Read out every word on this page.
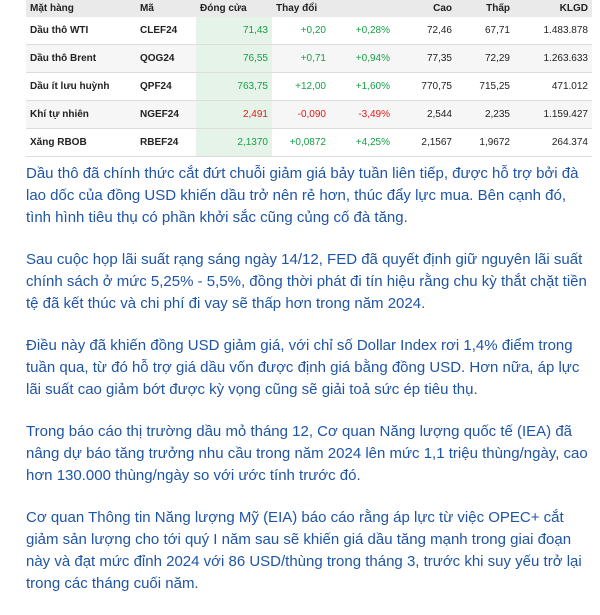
Mặt hàng	Mã	Đóng cửa	Thay đổi		Cao	Thấp	KLGD
Dầu thô WTI	CLEF24	71,43	+0,20	+0,28%	72,46	67,71	1.483.878
Dầu thô Brent	QOG24	76,55	+0,71	+0,94%	77,35	72,29	1.263.633
Dầu ít lưu huỳnh	QPF24	763,75	+12,00	+1,60%	770,75	715,25	471.012
Khí tự nhiên	NGEF24	2,491	-0,090	-3,49%	2,544	2,235	1.159.427
Xăng RBOB	RBEF24	2,1370	+0,0872	+4,25%	2,1567	1,9672	264.374

Dầu thô đã chính thức cắt đứt chuỗi giảm giá bảy tuần liên tiếp, được hỗ trợ bởi đà lao dốc của đồng USD khiến dầu trở nên rẻ hơn, thúc đẩy lực mua. Bên cạnh đó, tình hình tiêu thụ có phần khởi sắc cũng củng cố đà tăng.

Sau cuộc họp lãi suất rạng sáng ngày 14/12, FED đã quyết định giữ nguyên lãi suất chính sách ở mức 5,25% - 5,5%, đồng thời phát đi tín hiệu rằng chu kỳ thắt chặt tiền tệ đã kết thúc và chi phí đi vay sẽ thấp hơn trong năm 2024.

Điều này đã khiến đồng USD giảm giá, với chỉ số Dollar Index rơi 1,4% điểm trong tuần qua, từ đó hỗ trợ giá dầu vốn được định giá bằng đồng USD. Hơn nữa, áp lực lãi suất cao giảm bớt được kỳ vọng cũng sẽ giải toả sức ép tiêu thụ.

Trong báo cáo thị trường dầu mỏ tháng 12, Cơ quan Năng lượng quốc tế (IEA) đã nâng dự báo tăng trưởng nhu cầu trong năm 2024 lên mức 1,1 triệu thùng/ngày, cao hơn 130.000 thùng/ngày so với ước tính trước đó.

Cơ quan Thông tin Năng lượng Mỹ (EIA) báo cáo rằng áp lực từ việc OPEC+ cắt giảm sản lượng cho tới quý I năm sau sẽ khiến giá dầu tăng mạnh trong giai đoạn này và đạt mức đỉnh 2024 với 86 USD/thùng trong tháng 3, trước khi suy yếu trở lại trong các tháng cuối năm.
